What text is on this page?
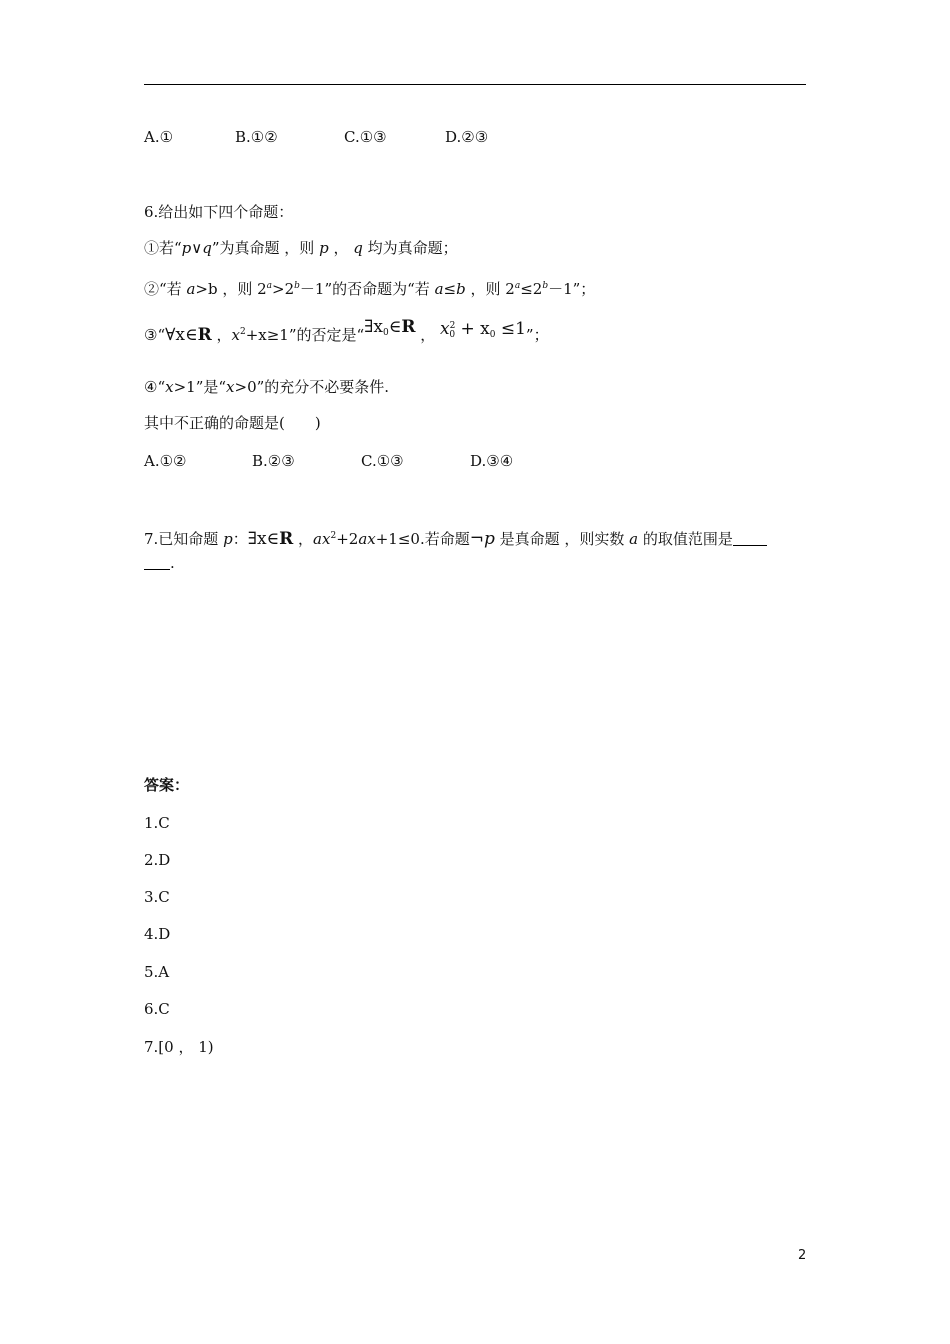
A.①	B.①②	C.①③	D.②③
6.给出如下四个命题：
①若“p∨q”为真命题 ，则 p ， q 均为真命题；
②“若 a>b ，则 $2^a>2^b-1$”的否命题为“若 a≤b ，则 $2^a\le 2^b-1$”；
③“∀x∈R ，$x^2+x\ge 1$”的否定是“$\exists x_0\in R$ ， $x^2_0 + x_0 \le 1$”；
④“x>1”是“x>0”的充分不必要条件.
其中不正确的命题是(　　)
A.①②	B.②③	C.①③	D.③④
7.已知命题 p：∃x∈R ，$ax^2+2ax+1\le 0$.若命题¬p 是真命题 ，则实数 a 的取值范围是
.
答案：
1.C
2.D
3.C
4.D
5.A
6.C
7.[0 ， 1)
2
